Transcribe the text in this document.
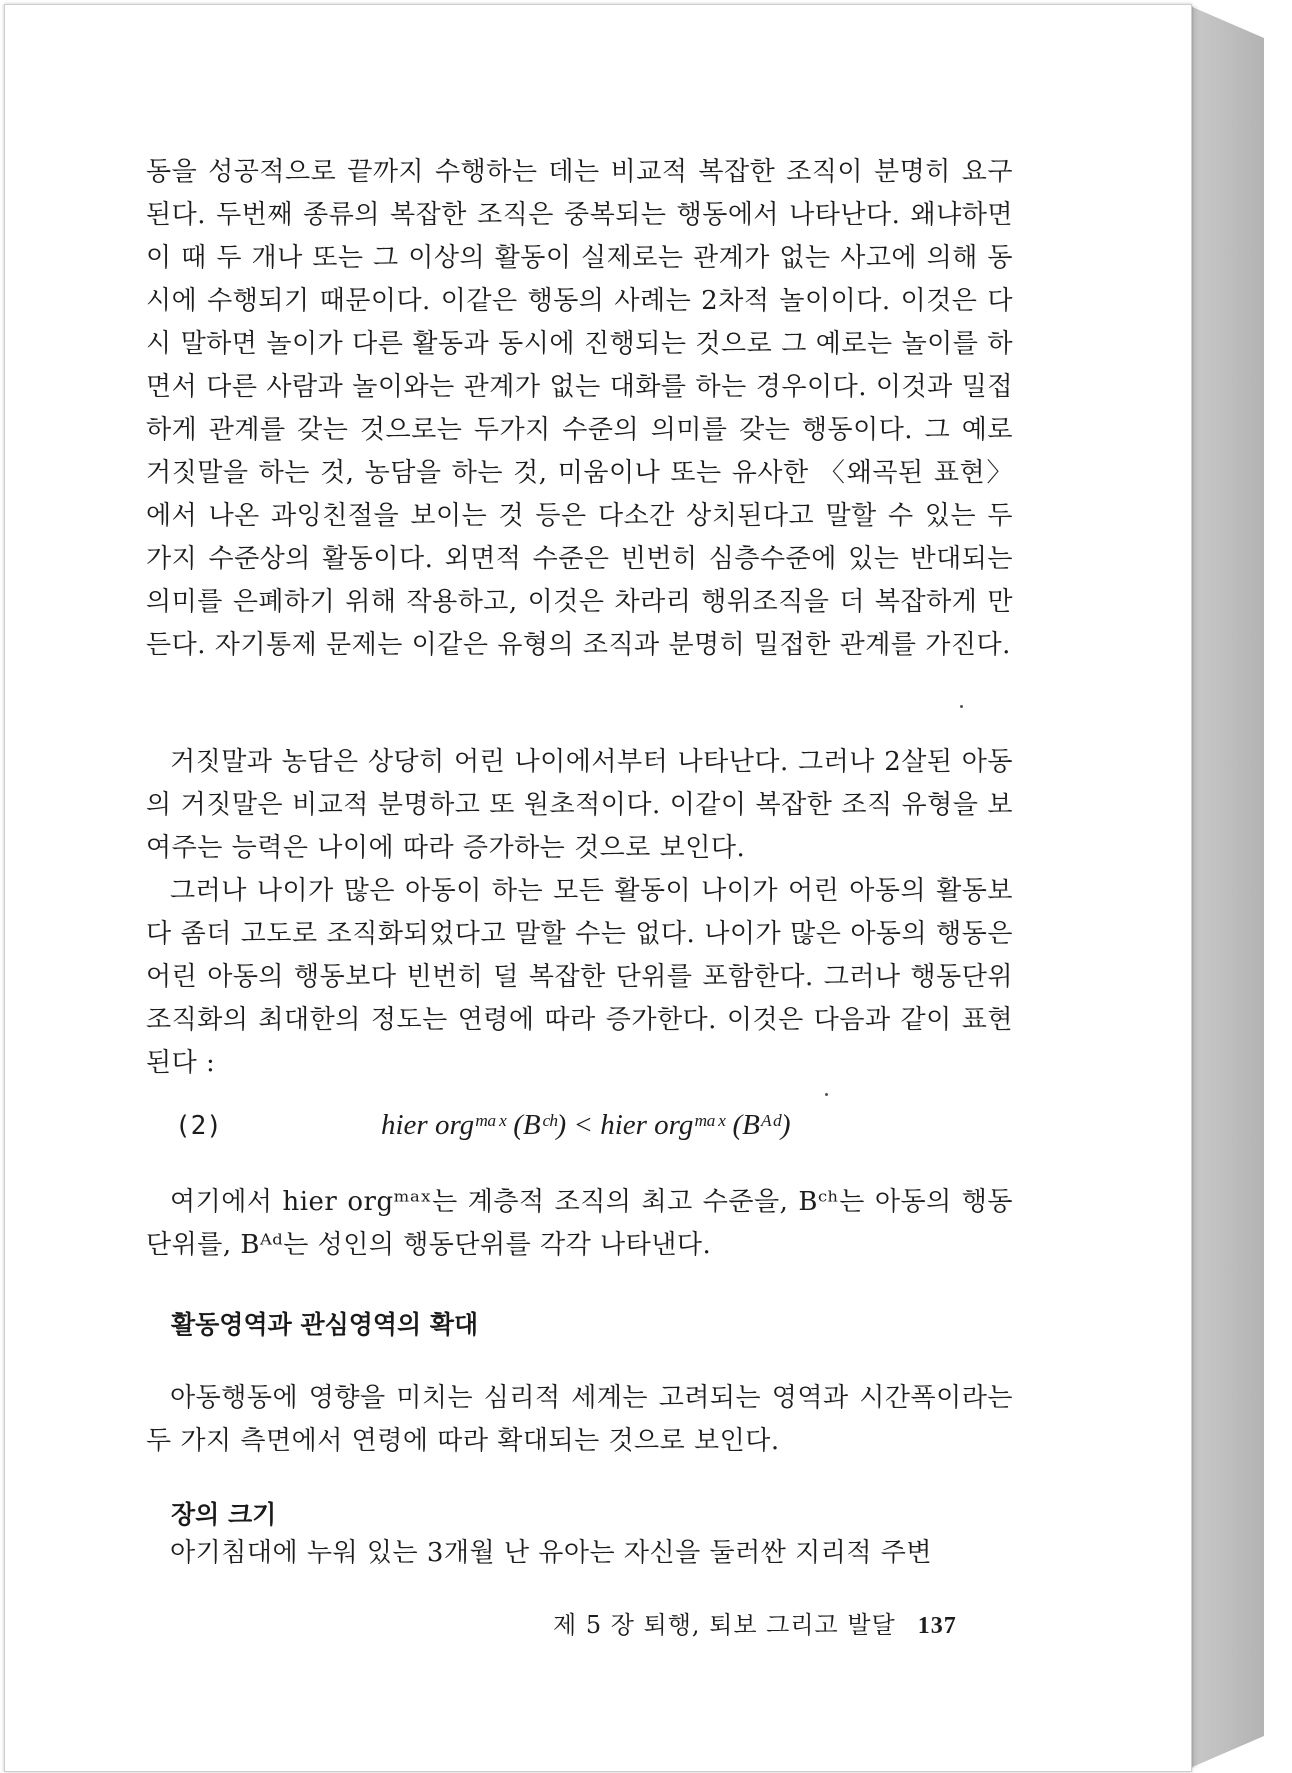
동을 성공적으로 끝까지 수행하는 데는 비교적 복잡한 조직이 분명히 요구된다. 두번째 종류의 복잡한 조직은 중복되는 행동에서 나타난다. 왜냐하면 이 때 두 개나 또는 그 이상의 활동이 실제로는 관계가 없는 사고에 의해 동시에 수행되기 때문이다. 이같은 행동의 사례는 2차적 놀이이다. 이것은 다시 말하면 놀이가 다른 활동과 동시에 진행되는 것으로 그 예로는 놀이를 하면서 다른 사람과 놀이와는 관계가 없는 대화를 하는 경우이다. 이것과 밀접하게 관계를 갖는 것으로는 두가지 수준의 의미를 갖는 행동이다. 그 예로 거짓말을 하는 것, 농담을 하는 것, 미움이나 또는 유사한 〈왜곡된 표현〉에서 나온 과잉친절을 보이는 것 등은 다소간 상치된다고 말할 수 있는 두 가지 수준상의 활동이다. 외면적 수준은 빈번히 심층수준에 있는 반대되는 의미를 은폐하기 위해 작용하고, 이것은 차라리 행위조직을 더 복잡하게 만든다. 자기통제 문제는 이같은 유형의 조직과 분명히 밀접한 관계를 가진다.

거짓말과 농담은 상당히 어린 나이에서부터 나타난다. 그러나 2살된 아동의 거짓말은 비교적 분명하고 또 원초적이다. 이같이 복잡한 조직 유형을 보여주는 능력은 나이에 따라 증가하는 것으로 보인다.

그러나 나이가 많은 아동이 하는 모든 활동이 나이가 어린 아동의 활동보다 좀더 고도로 조직화되었다고 말할 수는 없다. 나이가 많은 아동의 행동은 어린 아동의 행동보다 빈번히 덜 복잡한 단위를 포함한다. 그러나 행동단위 조직화의 최대한의 정도는 연령에 따라 증가한다. 이것은 다음과 같이 표현된다 :

(2)	hier orgᵐᵃˣ (Bᶜʰ) < hier orgᵐᵃˣ (Bᴬᵈ)

여기에서 hier orgᵐᵃˣ는 계층적 조직의 최고 수준을, Bᶜʰ는 아동의 행동단위를, Bᴬᵈ는 성인의 행동단위를 각각 나타낸다.

활동영역과 관심영역의 확대

아동행동에 영향을 미치는 심리적 세계는 고려되는 영역과 시간폭이라는 두 가지 측면에서 연령에 따라 확대되는 것으로 보인다.

장의 크기

아기침대에 누워 있는 3개월 난 유아는 자신을 둘러싼 지리적 주변

제 5 장 퇴행, 퇴보 그리고 발달 137
